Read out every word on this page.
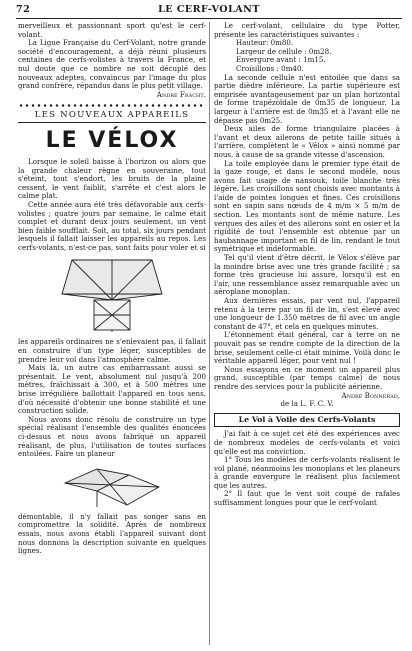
72	LE CERF-VOLANT

merveilleux et passionnant sport qu'est le cerf-volant.

La Ligue Française du Cerf-Volant, notre grande société d'encouragement, a déjà réuni plusieurs centaines de cerfs-volistes à travers la France, et nul doute que ce nombre ne soit décuplé des nouveaux adeptes, convaincus par l'image du plus grand confrère, répandus dans le plus petit village.

André Fracht.

LES NOUVEAUX APPAREILS
LE VÉLOX

Lorsque le soleil baisse à l'horizon ou alors que la grande chaleur règne en souveraine, tout s'éteint, tout s'endort, les bruits de la plaine cessent, le vent faiblit, s'arrête et c'est alors le calme plat.

Cette année aura été très défavorable aux cerfs-volistes ; quatre jours par semaine, le calme était complet et durant deux jours seulement, un vent bien faible soufflait. Soit, au total, six jours pendant lesquels il fallait laisser les appareils au repos. Les cerfs-volants, n'est-ce pas, sont faits pour voler et si

les appareils ordinaires ne s'enlevaient pas, il fallait en construire d'un type léger, susceptibles de prendre leur vol dans l'atmosphère calme.

Mais là, un autre cas embarrassant aussi se présentait. Le vent, absolument nul jusqu'à 200 mètres, fraîchissait à 300, et à 500 mètres une brise irrégulière ballottait l'appareil en tous sens, d'où nécessité d'obtenir une bonne stabilité et une construction solide.

Nous avons donc résolu de construire un type spécial réalisant l'ensemble des qualités énoncées ci-dessus et nous avons fabriqué un appareil réalisant, de plus, l'utilisation de toutes surfaces entoilées. Faire un planeur

démontable, il n'y fallait pas songer sans en compromettre la solidité. Après de nombreux essais, nous avons établi l'appareil suivant dont nous donnons la description suivante en quelques lignes.

Le cerf-volant, cellulaire du type Potter, présente les caractéristiques suivantes :

Hauteur: 0m80.

Largeur de cellule : 0m28.

Envergure avant : 1m15.

Croisillons : 0m40.

La seconde cellule n'est entoilée que dans sa partie dièdre inférieure. La partie supérieure est emprisée avantageusement par un plan horizontal de forme trapézoïdale de 0m35 de longueur. La largeur à l'arrière est de 0m35 et à l'avant elle ne dépasse pas 0m25.

Deux ailes de forme triangulaire placées à l'avant et deux ailerons de petite taille situés à l'arrière, complètent le « Vélox » ainsi nommé par nous, à cause de sa grande vitesse d'ascension.

La toile employée dans le premier type était de la gaze rouge, et dans le second modèle, nous avons fait usage de nansouk, toile blanche très légère. Les croisillons sont choisis avec montants à l'aide de pointes longues et fines. Ces croisillons sont en sapin sans nœuds de 4 m/m × 5 m/m de section. Les montants sont de même nature. Les vergues des ailes et des ailerons sont en osier et la rigidité de tout l'ensemble est obtenue par un haubannage important en fil de lin, rendant le tout symétrique et indéformable.

Tel qu'il vient d'être décrit, le Vélox s'élève par la moindre brise avec une très grande facilité ; sa forme très gracieuse lui assure, lorsqu'il est en l'air, une ressemblance assez remarquable avec un aéroplane monoplan.

Aux dernières essais, par vent nul, l'appareil retenu à la terre par un fil de lin, s'est élevé avec une longueur de 1.350 mètres de fil avec un angle constant de 47°, et cela en quelques minutes.

L'étonnement était général, car à terre on ne pouvait pas se rendre compte de la direction de la brise, seulement celle-ci était minime. Voilà donc le véritable appareil léger, pour vent nul !

Nous essayons en ce moment un appareil plus grand, susceptible (par temps calme) de nous rendre des services pour la publicité aérienne.

André Bonnerad,

de la L. F. C. V.

Le Vol à Voile des Cerfs-Volants

J'ai fait à ce sujet cet été des expériences avec de nombreux modèles de cerfs-volants et voici qu'elle est ma conviction.

1° Tous les modèles de cerfs-volants réalisent le vol plané, néanmoins les monoplans et les planeurs à grande envergure le réalisent plus facilement que les autres.

2° Il faut que le vent soit coupé de rafales suffisamment longues pour que le cerf-volant
